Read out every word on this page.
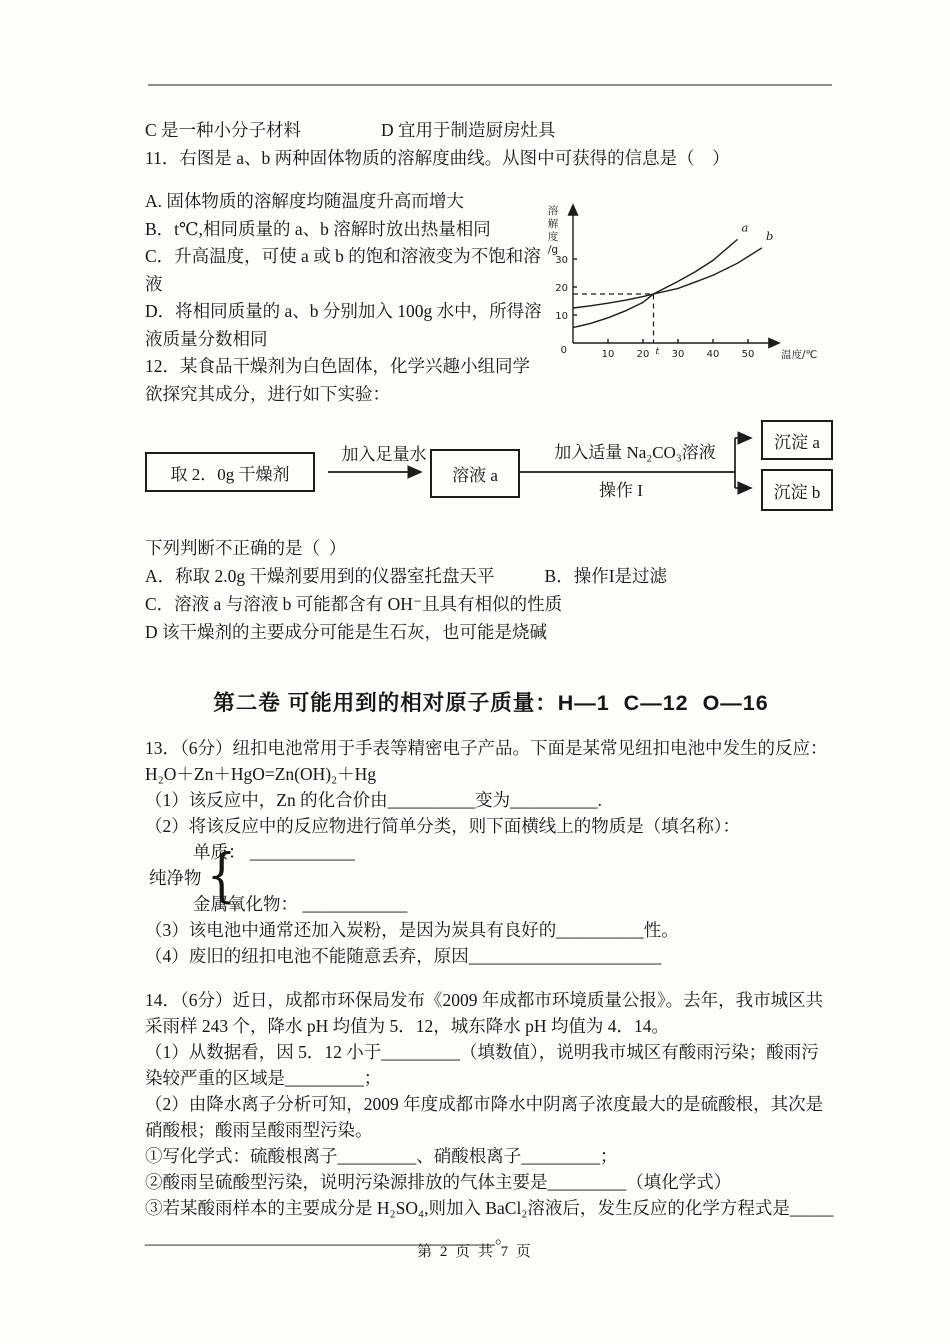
C 是一种小分子材料	D 宜用于制造厨房灶具
11．右图是 a、b 两种固体物质的溶解度曲线。从图中可获得的信息是（    ）
A. 固体物质的溶解度均随温度升高而增大
B．t℃,相同质量的 a、b 溶解时放出热量相同
C．升高温度，可使 a 或 b 的饱和溶液变为不饱和溶
液
D．将相同质量的 a、b 分别加入 100g 水中，所得溶
液质量分数相同
12．某食品干燥剂为白色固体，化学兴趣小组同学
欲探究其成分，进行如下实验：
10 20 30 40 50
10
20
30
0
溶
解
度
/g
温度/℃
t
a
b
取 2．0g 干燥剂
加入足量水
溶液 a
加入适量 Na₂CO₃溶液
操作 I
沉淀 a
沉淀 b
下列判断不正确的是（  ）
A．称取 2.0g 干燥剂要用到的仪器室托盘天平	B．操作I是过滤
C．溶液 a 与溶液 b 可能都含有 OH⁻且具有相似的性质
D 该干燥剂的主要成分可能是生石灰，也可能是烧碱
第二卷 可能用到的相对原子质量：H—1  C—12  O—16
13．（6分）纽扣电池常用于手表等精密电子产品。下面是某常见纽扣电池中发生的反应：
H₂O＋Zn＋HgO=Zn(OH)₂＋Hg
（1）该反应中，Zn 的化合价由__________变为__________.
（2）将该反应中的反应物进行简单分类，则下面横线上的物质是（填名称）：
单质： ____________
纯净物 {
金属氧化物： ____________
（3）该电池中通常还加入炭粉，是因为炭具有良好的__________性。
（4）废旧的纽扣电池不能随意丢弃，原因______________________
14．（6分）近日，成都市环保局发布《2009 年成都市环境质量公报》。去年，我市城区共
采雨样 243 个，降水 pH 均值为 5．12，城东降水 pH 均值为 4．14。
（1）从数据看，因 5．12 小于_________（填数值），说明我市城区有酸雨污染；酸雨污
染较严重的区域是_________；
（2）由降水离子分析可知，2009 年度成都市降水中阴离子浓度最大的是硫酸根，其次是
硝酸根；酸雨呈酸雨型污染。
①写化学式：硫酸根离子_________、硝酸根离子_________；
②酸雨呈硫酸型污染，说明污染源排放的气体主要是_________（填化学式）
③若某酸雨样本的主要成分是 H₂SO₄,则加入 BaCl₂溶液后，发生反应的化学方程式是_____
________________________________________。
第 2 页 共 7 页
